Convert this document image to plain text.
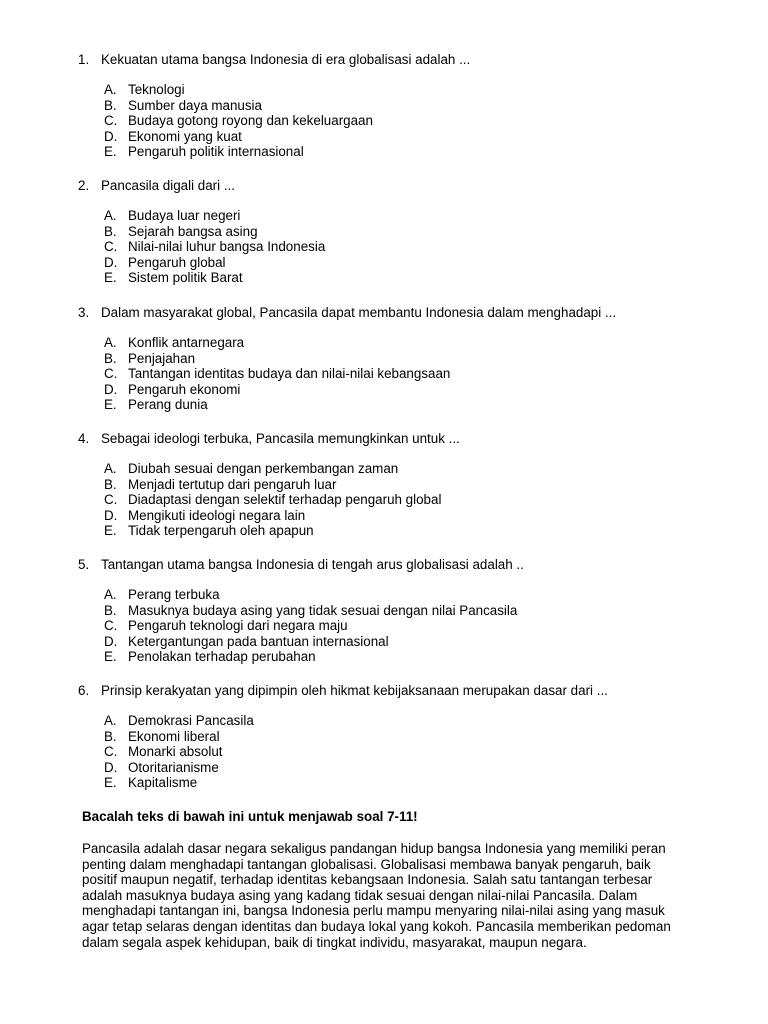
1. Kekuatan utama bangsa Indonesia di era globalisasi adalah ...
A. Teknologi
B. Sumber daya manusia
C. Budaya gotong royong dan kekeluargaan
D. Ekonomi yang kuat
E. Pengaruh politik internasional
2. Pancasila digali dari ...
A. Budaya luar negeri
B. Sejarah bangsa asing
C. Nilai-nilai luhur bangsa Indonesia
D. Pengaruh global
E. Sistem politik Barat
3. Dalam masyarakat global, Pancasila dapat membantu Indonesia dalam menghadapi ...
A. Konflik antarnegara
B. Penjajahan
C. Tantangan identitas budaya dan nilai-nilai kebangsaan
D. Pengaruh ekonomi
E. Perang dunia
4. Sebagai ideologi terbuka, Pancasila memungkinkan untuk ...
A. Diubah sesuai dengan perkembangan zaman
B. Menjadi tertutup dari pengaruh luar
C. Diadaptasi dengan selektif terhadap pengaruh global
D. Mengikuti ideologi negara lain
E. Tidak terpengaruh oleh apapun
5. Tantangan utama bangsa Indonesia di tengah arus globalisasi adalah ..
A. Perang terbuka
B. Masuknya budaya asing yang tidak sesuai dengan nilai Pancasila
C. Pengaruh teknologi dari negara maju
D. Ketergantungan pada bantuan internasional
E. Penolakan terhadap perubahan
6. Prinsip kerakyatan yang dipimpin oleh hikmat kebijaksanaan merupakan dasar dari ...
A. Demokrasi Pancasila
B. Ekonomi liberal
C. Monarki absolut
D. Otoritarianisme
E. Kapitalisme
Bacalah teks di bawah ini untuk menjawab soal 7-11!
Pancasila adalah dasar negara sekaligus pandangan hidup bangsa Indonesia yang memiliki peran
penting dalam menghadapi tantangan globalisasi. Globalisasi membawa banyak pengaruh, baik
positif maupun negatif, terhadap identitas kebangsaan Indonesia. Salah satu tantangan terbesar
adalah masuknya budaya asing yang kadang tidak sesuai dengan nilai-nilai Pancasila. Dalam
menghadapi tantangan ini, bangsa Indonesia perlu mampu menyaring nilai-nilai asing yang masuk
agar tetap selaras dengan identitas dan budaya lokal yang kokoh. Pancasila memberikan pedoman
dalam segala aspek kehidupan, baik di tingkat individu, masyarakat, maupun negara.
